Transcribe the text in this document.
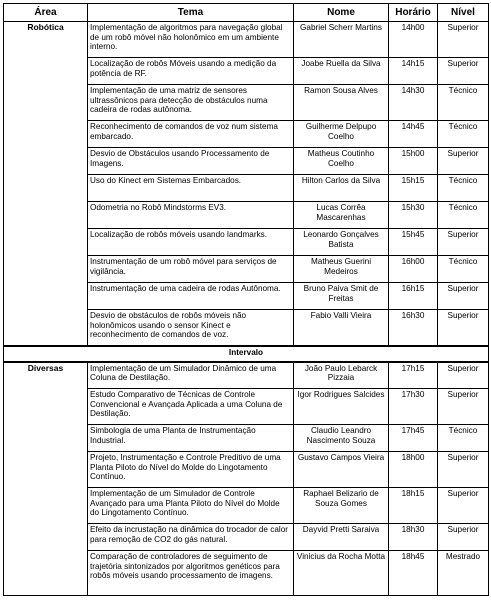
Área	Tema	Nome	Horário	Nível
Robótica	Implementação de algoritmos para navegação global de um robô móvel não holonômico em um ambiente interno.	Gabriel Scherr Martins	14h00	Superior
	Localização de robôs Móveis usando a medição da potência de RF.	Joabe Ruella da Silva	14h15	Superior
	Implementação de uma matriz de sensores ultrassônicos para detecção de obstáculos numa cadeira de rodas autônoma.	Ramon Sousa Alves	14h30	Técnico
	Reconhecimento de comandos de voz num sistema embarcado.	Guilherme Delpupo Coelho	14h45	Técnico
	Desvio de Obstáculos usando Processamento de Imagens.	Matheus Coutinho Coelho	15h00	Superior
	Uso do Kinect em Sistemas Embarcados.	Hilton Carlos da Silva	15h15	Técnico
	Odometria no Robô Mindstorms EV3.	Lucas Corrêa Mascarenhas	15h30	Técnico
	Localização de robôs móveis usando landmarks.	Leonardo Gonçalves Batista	15h45	Superior
	Instrumentação de um robô móvel para serviços de vigilância.	Matheus Guerini Medeiros	16h00	Técnico
	Instrumentação de uma cadeira de rodas Autônoma.	Bruno Paiva Smit de Freitas	16h15	Superior
	Desvio de obstáculos de robôs móveis não holonômicos usando o sensor Kinect e reconhecimento de comandos de voz.	Fabio Valli Vieira	16h30	Superior
Intervalo				
Diversas	Implementação de um Simulador Dinâmico de uma Coluna de Destilação.	João Paulo Lebarck Pizzaia	17h15	Superior
	Estudo Comparativo de Técnicas de Controle Convencional e Avançada Aplicada a uma Coluna de Destilação.	Igor Rodrigues Salcides	17h30	Superior
	Simbologia de uma Planta de Instrumentação Industrial.	Claudio Leandro Nascimento Souza	17h45	Técnico
	Projeto, Instrumentação e Controle Preditivo de uma Planta Piloto do Nível do Molde do Lingotamento Contínuo.	Gustavo Campos Vieira	18h00	Superior
	Implementação de um Simulador de Controle Avançado para uma Planta Piloto do Nível do Molde do Lingotamento Contínuo.	Raphael Belizario de Souza Gomes	18h15	Superior
	Efeito da incrustação na dinâmica do trocador de calor para remoção de CO2 do gás natural.	Dayvid Pretti Saraiva	18h30	Superior
	Comparação de controladores de seguimento de trajetória sintonizados por algoritmos genéticos para robôs móveis usando processamento de imagens.	Vinicius da Rocha Motta	18h45	Mestrado
